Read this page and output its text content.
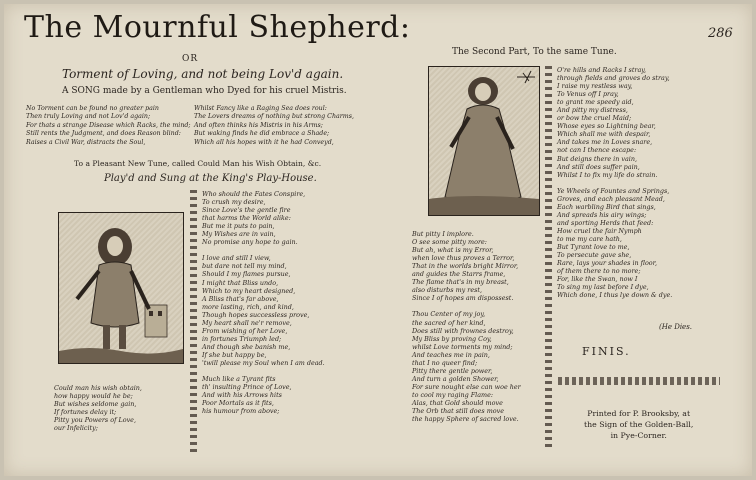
The Mournful Shepherd:	286
OR
Torment of Loving, and not being Lov'd again.
A SONG made by a Gentleman who Dyed for his cruel Mistris.
No Torment can be found no greater pain
Then truly Loving and not Lov'd again;
For thats a strange Disease which Racks, the mind;
Still rents the Judgment, and does Reason blind:
Raises a Civil War, distracts the Soul,
Whilst Fancy like a Raging Sea does roul:
The Lovers dreams of nothing but strong Charms,
And often thinks his Mistris in his Arms;
But waking finds he did embrace a Shade;
Which all his hopes with it he had Conveyd,
To a Pleasant New Tune, called Could Man his Wish Obtain, &c.
Play'd and Sung at the King's Play-House.
Who should the Fates Conspire,
To crush my desire,
Since Love's the gentle fire
that harms the World alike:
But me it puts to pain,
My Wishes are in vain,
No promise any hope to gain.
I love and still I view,
but dare not tell my mind,
Should I my flames pursue,
I might that Bliss undo,
Which to my heart designed,
A Bliss that's far above,
more lasting, rich, and kind,
Though hopes successless prove,
My heart shall ne'r remove,
From wishing of her Love,
in fortunes Triumph led;
And though she banish me,
If she but happy be,
'twill please my Soul when I am dead.
Much like a Tyrant fits
th' insulting Prince of Love,
And with his Arrows hits
Poor Mortals as it fits,
his humour from above;
Could man his wish obtain,
how happy would he be;
But wishes seldome gain,
If fortunes delay it;
Pitty you Powers of Love,
our Infelicity;
The Second Part, To the same Tune.
But pitty I implore.
O see some pitty more:
But ah, what is my Error,
when love thus proves a Terror,
That in the worlds bright Mirror,
and guides the Starrs frame,
The flame that's in my breast,
also disturbs my rest,
Since I of hopes am dispossest.
Thou Center of my joy,
the sacred of her kind,
Does still with frownes destroy,
My Bliss by proving Coy,
whilst Love torments my mind;
And teaches me in pain,
that I no queer find;
Pitty there gentle power,
And turn a golden Shower,
For sure nought else can woe her
to cool my raging Flame:
Alas, that Gold should move
The Orb that still does move
the happy Sphere of sacred love.
O're hills and Racks I stray,
through fields and groves do stray,
I raise my restless way,
To Venus off I pray,
to grant me speedy aid,
And pitty my distress,
or bow the cruel Maid;
Whose eyes so Lightning bear,
Which shall me with despair,
And takes me in Loves snare,
not can I thence escape:
But deigns there in vain,
And still does suffer pain,
Whilst I to fix my life do strain.
Ye Wheels of Fountes and Springs,
Groves, and each pleasant Mead,
Each warbling Bird that sings,
And spreads his airy wings;
and sporting Herds that feed:
How cruel the fair Nymph
to me my care hath,
But Tyrant love to me,
To persecute gave she,
Rare, lays your shades in floor,
of them there to no more;
For, like the Swan, now I
To sing my last before I dye,
Which done, I thus lye down & dye.
(He Dies.
FINIS.
Printed for P. Brooksby, at
the Sign of the Golden-Ball,
in Pye-Corner.
